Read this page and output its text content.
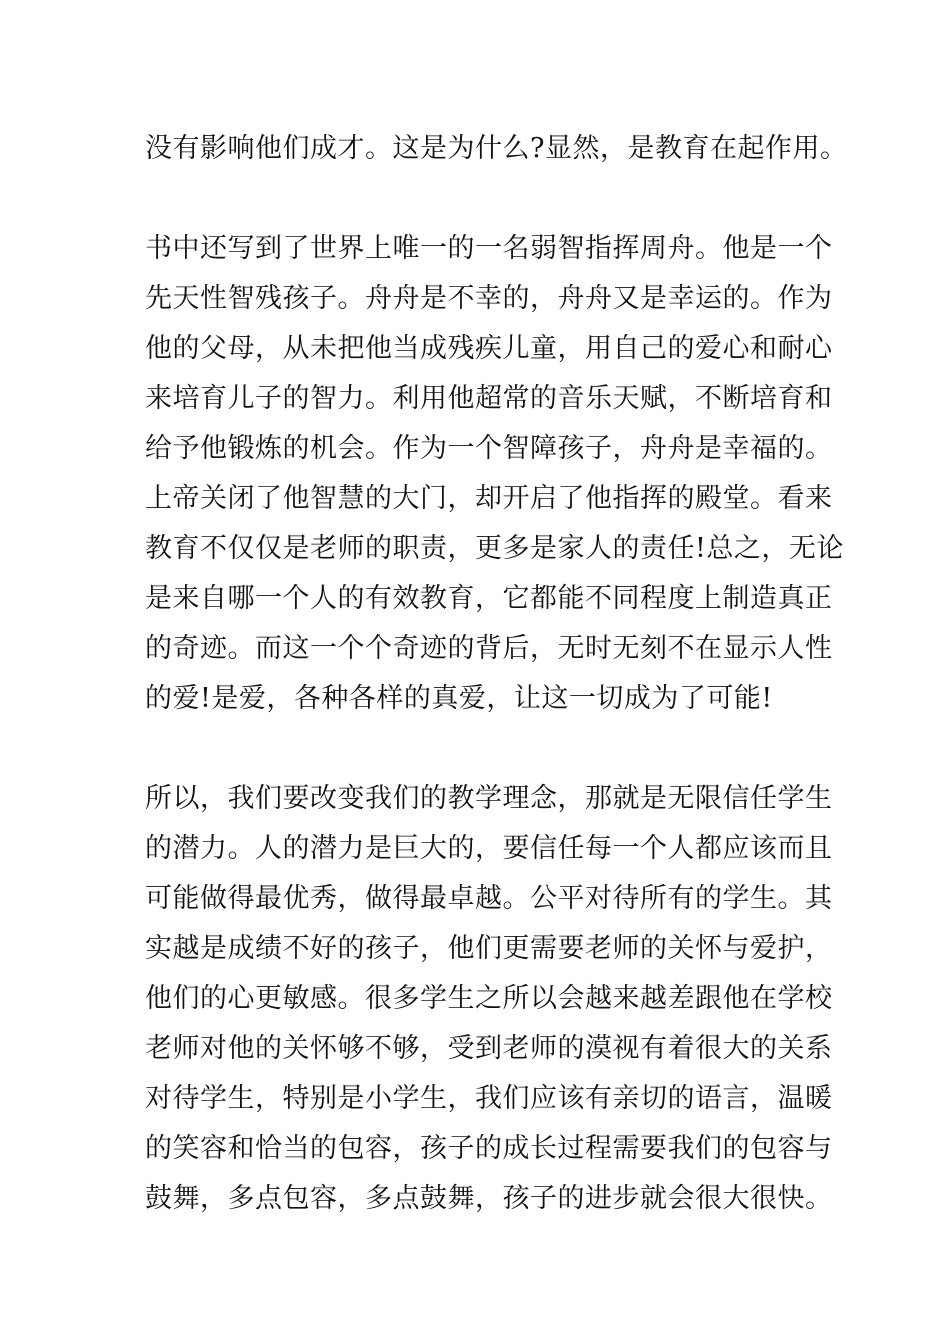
没有影响他们成才。这是为什么?显然，是教育在起作用。
书中还写到了世界上唯一的一名弱智指挥周舟。他是一个
先天性智残孩子。舟舟是不幸的，舟舟又是幸运的。作为
他的父母，从未把他当成残疾儿童，用自己的爱心和耐心
来培育儿子的智力。利用他超常的音乐天赋，不断培育和
给予他锻炼的机会。作为一个智障孩子，舟舟是幸福的。
上帝关闭了他智慧的大门，却开启了他指挥的殿堂。看来
教育不仅仅是老师的职责，更多是家人的责任!总之，无论
是来自哪一个人的有效教育，它都能不同程度上制造真正
的奇迹。而这一个个奇迹的背后，无时无刻不在显示人性
的爱!是爱，各种各样的真爱，让这一切成为了可能!
所以，我们要改变我们的教学理念，那就是无限信任学生
的潜力。人的潜力是巨大的，要信任每一个人都应该而且
可能做得最优秀，做得最卓越。公平对待所有的学生。其
实越是成绩不好的孩子，他们更需要老师的关怀与爱护，
他们的心更敏感。很多学生之所以会越来越差跟他在学校
老师对他的关怀够不够，受到老师的漠视有着很大的关系
对待学生，特别是小学生，我们应该有亲切的语言，温暖
的笑容和恰当的包容，孩子的成长过程需要我们的包容与
鼓舞，多点包容，多点鼓舞，孩子的进步就会很大很快。
